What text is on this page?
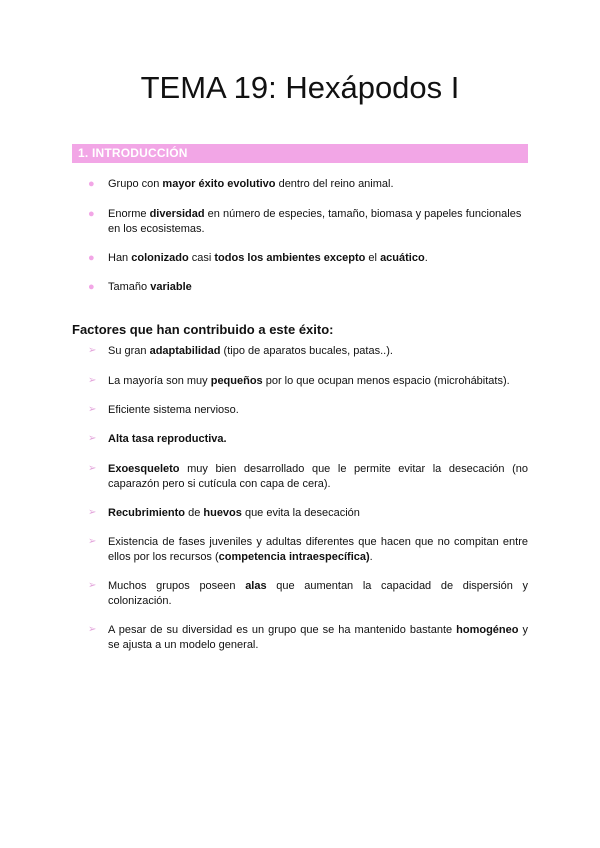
TEMA 19: Hexápodos I
1. INTRODUCCIÓN
● Grupo con mayor éxito evolutivo dentro del reino animal.
● Enorme diversidad en número de especies, tamaño, biomasa y papeles funcionales en los ecosistemas.
● Han colonizado casi todos los ambientes excepto el acuático.
● Tamaño variable

Factores que han contribuido a este éxito:

➢ Su gran adaptabilidad (tipo de aparatos bucales, patas..).
➢ La mayoría son muy pequeños por lo que ocupan menos espacio (microhábitats).
➢ Eficiente sistema nervioso.
➢ Alta tasa reproductiva.
➢ Exoesqueleto muy bien desarrollado que le permite evitar la desecación (no caparazón pero si cutícula con capa de cera).
➢ Recubrimiento de huevos que evita la desecación
➢ Existencia de fases juveniles y adultas diferentes que hacen que no compitan entre ellos por los recursos (competencia intraespecífica).
➢ Muchos grupos poseen alas que aumentan la capacidad de dispersión y colonización.
➢ A pesar de su diversidad es un grupo que se ha mantenido bastante homogéneo y se ajusta a un modelo general.
